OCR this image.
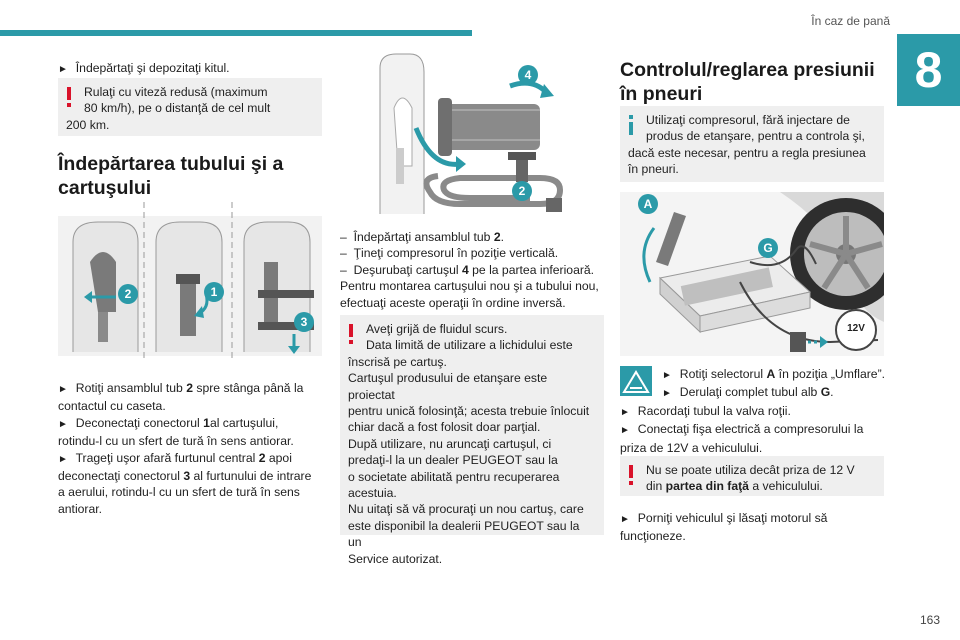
În caz de pană
8
163

► Îndepărtaţi şi depozitaţi kitul.

Rulaţi cu viteză redusă (maximum
80 km/h), pe o distanţă de cel mult
200 km.
Îndepărtarea tubului şi a
cartuşului
2	1
3

► Rotiţi ansamblul tub 2 spre stânga până la

contactul cu caseta.

► Deconectaţi conectorul 1al cartuşului,

rotindu-l cu un sfert de tură în sens antiorar.

► Trageţi uşor afară furtunul central 2 apoi

deconectaţi conectorul 3 al furtunului de intrare

a aerului, rotindu-l cu un sfert de tură în sens

antiorar.

4
2

–  Îndepărtaţi ansamblul tub 2.

–  Ţineţi compresorul în poziţie verticală.

–  Deşurubaţi cartuşul 4 pe la partea inferioară.

Pentru montarea cartuşului nou şi a tubului nou,

efectuaţi aceste operaţii în ordine inversă.

Aveţi grijă de fluidul scurs.
Data limită de utilizare a lichidului este
înscrisă pe cartuş.
Cartuşul produsului de etanşare este proiectat
pentru unică folosinţă; acesta trebuie înlocuit
chiar dacă a fost folosit doar parţial.
După utilizare, nu aruncaţi cartuşul, ci
predaţi-l la un dealer PEUGEOT sau la
o societate abilitată pentru recuperarea
acestuia.
Nu uitaţi să vă procuraţi un nou cartuş, care
este disponibil la dealerii PEUGEOT sau la un
Service autorizat.
Controlul/reglarea presiunii
în pneuri
Utilizaţi compresorul, fără injectare de
produs de etanşare, pentru a controla şi,
dacă este necesar, pentru a regla presiunea
în pneuri.
A
G
12V

► Rotiţi selectorul A în poziţia „Umflare”.

► Derulaţi complet tubul alb G.

► Racordaţi tubul la valva roţii.

► Conectaţi fişa electrică a compresorului la

priza de 12V a vehiculului.

Nu se poate utiliza decât priza de 12 V
din partea din faţă a vehiculului.

► Porniţi vehiculul şi lăsaţi motorul să

funcţioneze.
